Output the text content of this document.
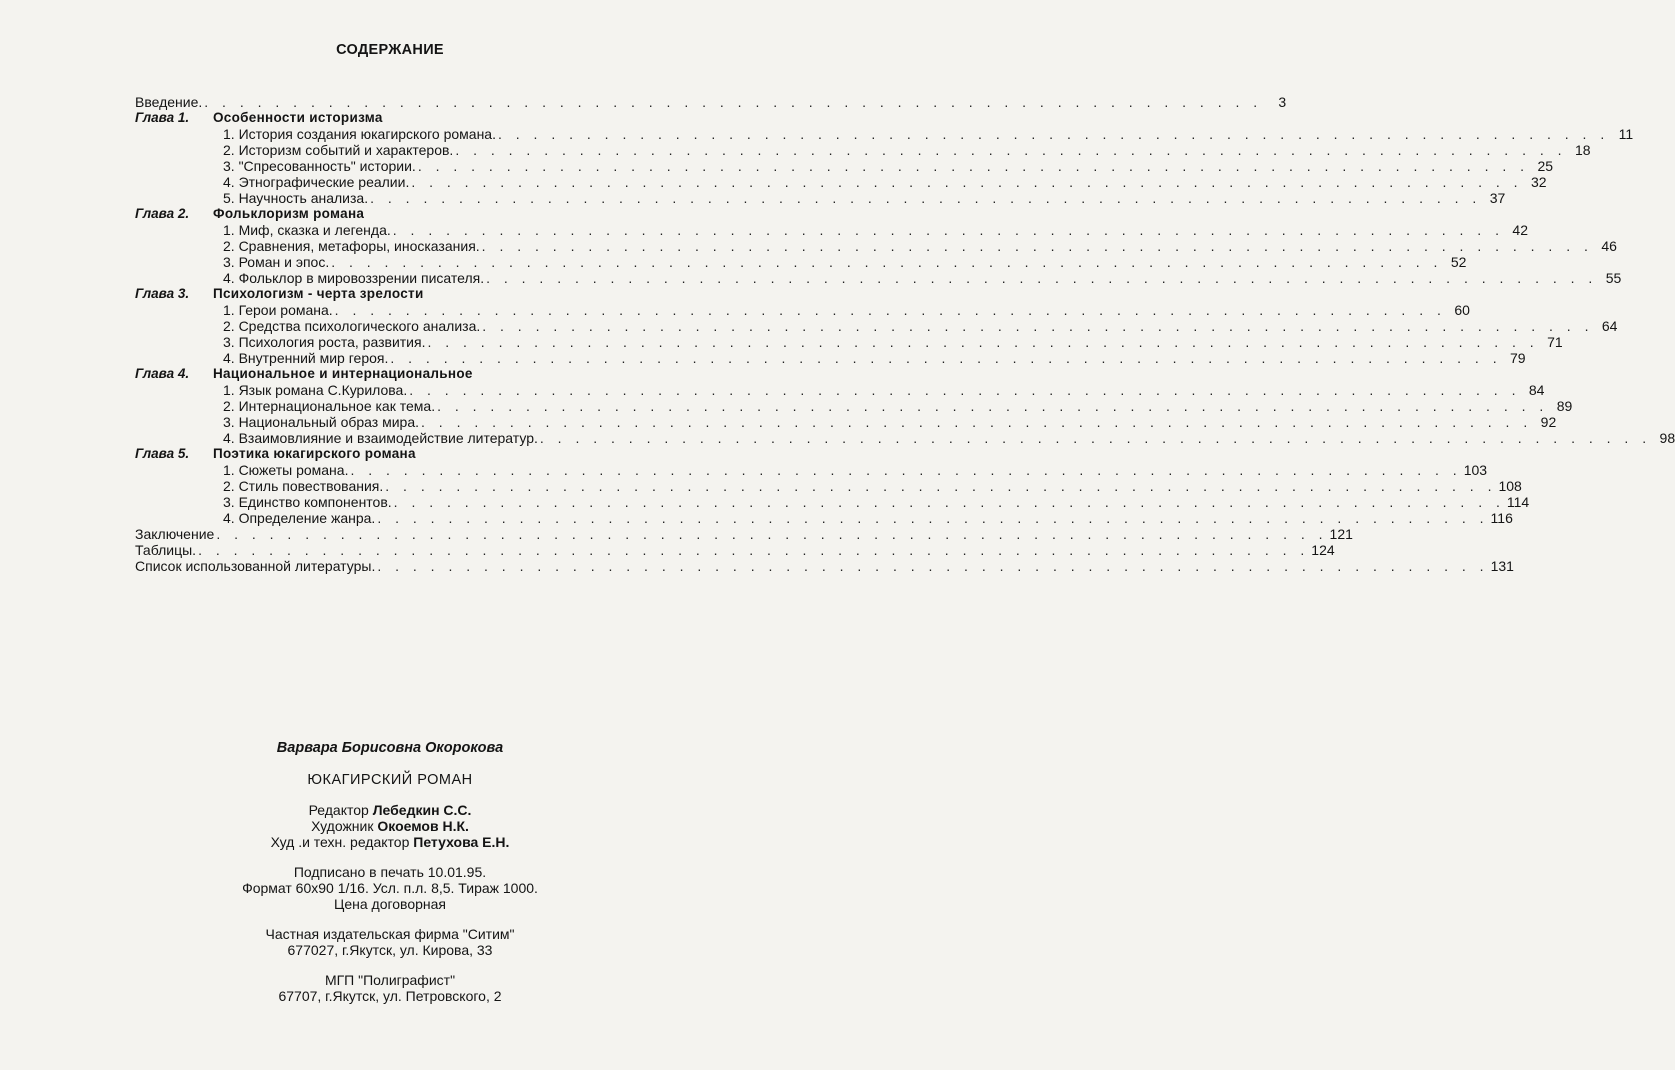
СОДЕРЖАНИЕ
Введение. . . . . . . . . . . . . . . . . . . . . . . . . . . . . . . . . . . . . . . . . . . . . . . . . . . . . . . . . . . . .	3
Глава 1.	Особенности историзма
1. История создания юкагирского романа. . . . . . . . . . . . . . . . . . . . . . . . . . . . . . . . . . . . . . . . . . . . . . . . . . . . . . . . . . . . . . . . 11
2. Историзм событий и характеров. . . . . . . . . . . . . . . . . . . . . . . . . . . . . . . . . . . . . . . . . . . . . . . . . . . . . . . . . . . . . . . . 18
3. "Спресованность" истории. . . . . . . . . . . . . . . . . . . . . . . . . . . . . . . . . . . . . . . . . . . . . . . . . . . . . . . . . . . . . . . . 25
4. Этнографические реалии. . . . . . . . . . . . . . . . . . . . . . . . . . . . . . . . . . . . . . . . . . . . . . . . . . . . . . . . . . . . . . . . 32
5. Научность анализа. . . . . . . . . . . . . . . . . . . . . . . . . . . . . . . . . . . . . . . . . . . . . . . . . . . . . . . . . . . . . . . . 37
Глава 2.	Фольклоризм романа
1. Миф, сказка и легенда. . . . . . . . . . . . . . . . . . . . . . . . . . . . . . . . . . . . . . . . . . . . . . . . . . . . . . . . . . . . . . . . 42
2. Сравнения, метафоры, иносказания. . . . . . . . . . . . . . . . . . . . . . . . . . . . . . . . . . . . . . . . . . . . . . . . . . . . . . . . . . . . . . . . 46
3. Роман и эпос. . . . . . . . . . . . . . . . . . . . . . . . . . . . . . . . . . . . . . . . . . . . . . . . . . . . . . . . . . . . . . . . 52
4. Фольклор в мировоззрении писателя. . . . . . . . . . . . . . . . . . . . . . . . . . . . . . . . . . . . . . . . . . . . . . . . . . . . . . . . . . . . . . . . 55
Глава 3.	Психологизм - черта зрелости
1. Герои романа. . . . . . . . . . . . . . . . . . . . . . . . . . . . . . . . . . . . . . . . . . . . . . . . . . . . . . . . . . . . . . . . 60
2. Средства психологического анализа. . . . . . . . . . . . . . . . . . . . . . . . . . . . . . . . . . . . . . . . . . . . . . . . . . . . . . . . . . . . . . . . 64
3. Психология роста, развития. . . . . . . . . . . . . . . . . . . . . . . . . . . . . . . . . . . . . . . . . . . . . . . . . . . . . . . . . . . . . . . . 71
4. Внутренний мир героя. . . . . . . . . . . . . . . . . . . . . . . . . . . . . . . . . . . . . . . . . . . . . . . . . . . . . . . . . . . . . . . . 79
Глава 4.	Национальное и интернациональное
1. Язык романа С.Курилова. . . . . . . . . . . . . . . . . . . . . . . . . . . . . . . . . . . . . . . . . . . . . . . . . . . . . . . . . . . . . . . . 84
2. Интернациональное как тема. . . . . . . . . . . . . . . . . . . . . . . . . . . . . . . . . . . . . . . . . . . . . . . . . . . . . . . . . . . . . . . . 89
3. Национальный образ мира. . . . . . . . . . . . . . . . . . . . . . . . . . . . . . . . . . . . . . . . . . . . . . . . . . . . . . . . . . . . . . . . 92
4. Взаимовлияние и взаимодействие литератур. . . . . . . . . . . . . . . . . . . . . . . . . . . . . . . . . . . . . . . . . . . . . . . . . . . . . . . . . . . . . . . . 98
Глава 5.	Поэтика юкагирского романа
1. Сюжеты романа. . . . . . . . . . . . . . . . . . . . . . . . . . . . . . . . . . . . . . . . . . . . . . . . . . . . . . . . . . . . . . . . 103
2. Стиль повествования. . . . . . . . . . . . . . . . . . . . . . . . . . . . . . . . . . . . . . . . . . . . . . . . . . . . . . . . . . . . . . . . 108
3. Единство компонентов. . . . . . . . . . . . . . . . . . . . . . . . . . . . . . . . . . . . . . . . . . . . . . . . . . . . . . . . . . . . . . . . 114
4. Определение жанра. . . . . . . . . . . . . . . . . . . . . . . . . . . . . . . . . . . . . . . . . . . . . . . . . . . . . . . . . . . . . . . . 116
Заключение . . . . . . . . . . . . . . . . . . . . . . . . . . . . . . . . . . . . . . . . . . . . . . . . . . . . . . . . . . . . . . . 121
Таблицы. . . . . . . . . . . . . . . . . . . . . . . . . . . . . . . . . . . . . . . . . . . . . . . . . . . . . . . . . . . . . . . . 124
Список использованной литературы. . . . . . . . . . . . . . . . . . . . . . . . . . . . . . . . . . . . . . . . . . . . . . . . . . . . . . . . . . . . . . . . 131
Варвара Борисовна Окорокова
ЮКАГИРСКИЙ РОМАН
Редактор Лебедкин С.С.
Художник Окоемов Н.К.
Худ .и техн. редактор Петухова Е.Н.
Подписано в печать 10.01.95.
Формат 60х90 1/16. Усл. п.л. 8,5. Тираж 1000.
Цена договорная
Частная издательская фирма "Ситим"
677027, г.Якутск, ул. Кирова, 33
МГП "Полиграфист"
67707, г.Якутск, ул. Петровского, 2
